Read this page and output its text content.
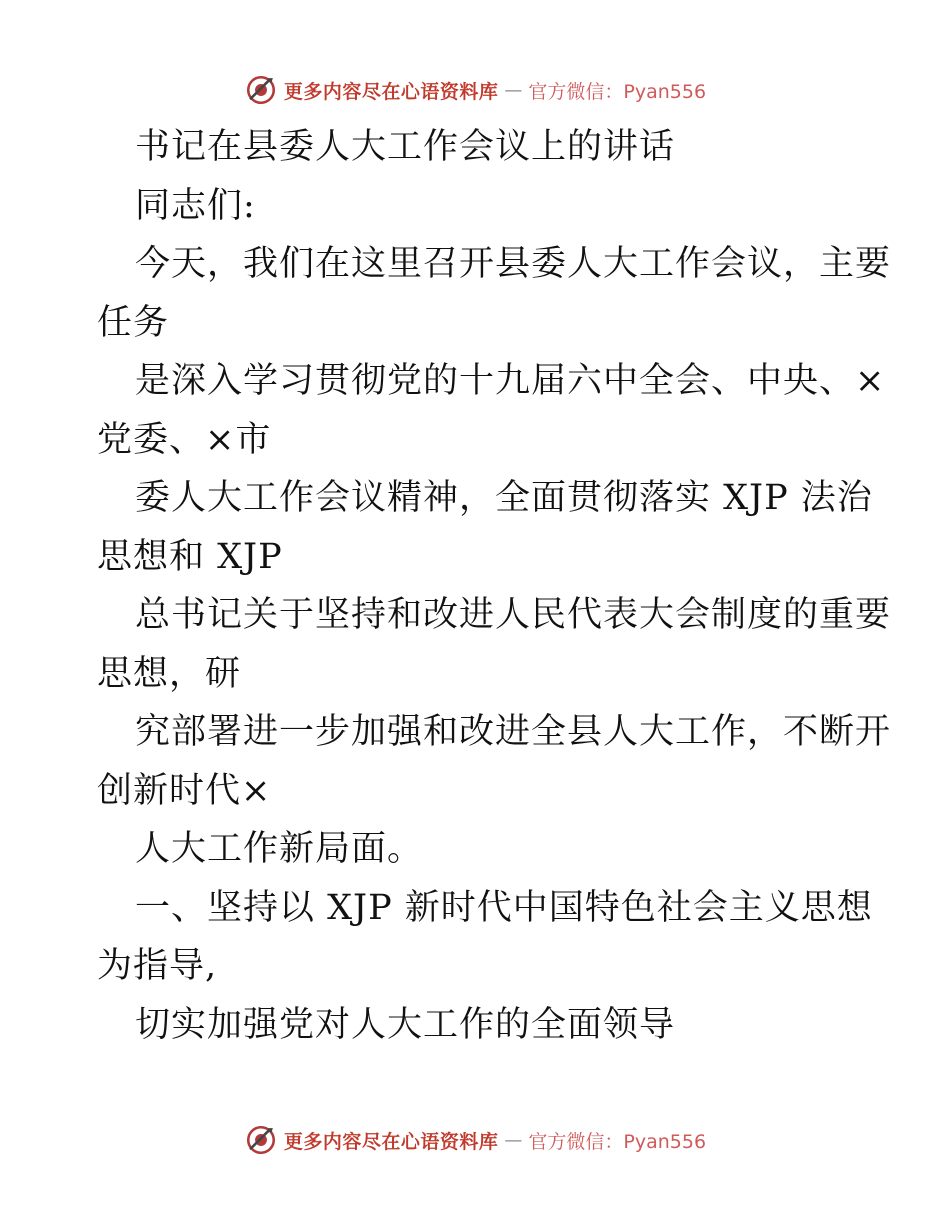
更多内容尽在心语资料库 — 官方微信：Pyan556

书记在县委人大工作会议上的讲话

同志们:

今天，我们在这里召开县委人大工作会议，主要

任务

是深入学习贯彻党的十九届六中全会、中央、×

党委、×市

委人大工作会议精神，全面贯彻落实 XJP 法治

思想和 XJP

总书记关于坚持和改进人民代表大会制度的重要

思想，研

究部署进一步加强和改进全县人大工作，不断开

创新时代×

人大工作新局面。

一、坚持以 XJP 新时代中国特色社会主义思想

为指导,

切实加强党对人大工作的全面领导

更多内容尽在心语资料库 — 官方微信：Pyan556
